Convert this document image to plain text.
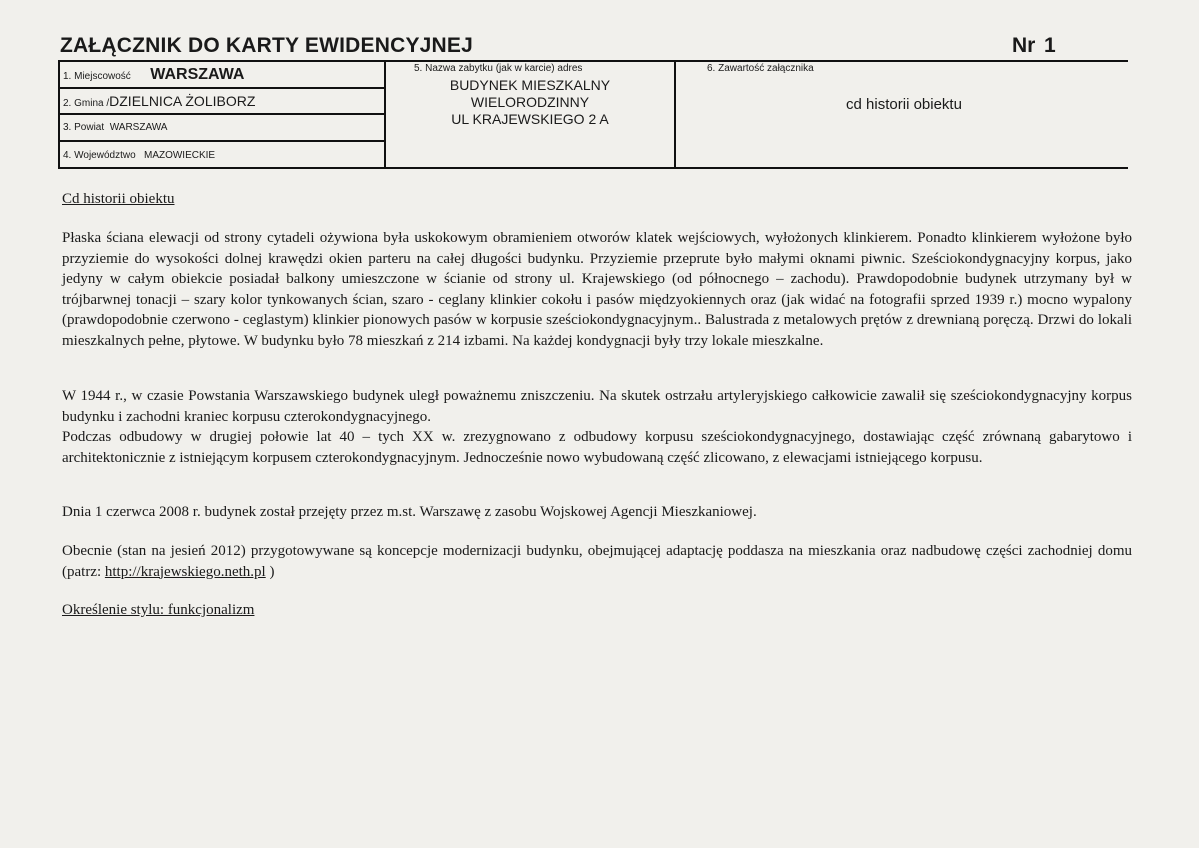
ZAŁĄCZNIK DO KARTY EWIDENCYJNEJ	Nr 1
1. Miejscowość WARSZAWA
2. Gmina /DZIELNICA ŻOLIBORZ
3. Powiat WARSZAWA
4. Województwo MAZOWIECKIE
5. Nazwa zabytku (jak w karcie) adres
BUDYNEK MIESZKALNY
WIELORODZINNY
UL KRAJEWSKIEGO 2 A
6. Zawartość załącznika
cd historii obiektu
Cd historii obiektu

Płaska ściana elewacji od strony cytadeli ożywiona była uskokowym obramieniem otworów klatek wejściowych, wyłożonych klinkierem. Ponadto klinkierem wyłożone było przyziemie do wysokości dolnej krawędzi okien parteru na całej długości budynku. Przyziemie przeprute było małymi oknami piwnic. Sześciokondygnacyjny korpus, jako jedyny w całym obiekcie posiadał balkony umieszczone w ścianie od strony ul. Krajewskiego (od północnego – zachodu). Prawdopodobnie budynek utrzymany był w trójbarwnej tonacji – szary kolor tynkowanych ścian, szaro - ceglany klinkier cokołu i pasów międzyokiennych oraz (jak widać na fotografii sprzed 1939 r.) mocno wypalony (prawdopodobnie czerwono - ceglastym) klinkier pionowych pasów w korpusie sześciokondygnacyjnym.. Balustrada z metalowych prętów z drewnianą poręczą. Drzwi do lokali mieszkalnych pełne, płytowe. W budynku było 78 mieszkań z 214 izbami. Na każdej kondygnacji były trzy lokale mieszkalne.

W 1944 r., w czasie Powstania Warszawskiego budynek uległ poważnemu zniszczeniu. Na skutek ostrzału artyleryjskiego całkowicie zawalił się sześciokondygnacyjny korpus budynku i zachodni kraniec korpusu czterokondygnacyjnego.

Podczas odbudowy w drugiej połowie lat 40 – tych XX w. zrezygnowano z odbudowy korpusu sześciokondygnacyjnego, dostawiając część zrównaną gabarytowo i architektonicznie z istniejącym korpusem czterokondygnacyjnym. Jednocześnie nowo wybudowaną część zlicowano, z elewacjami istniejącego korpusu.

Dnia 1 czerwca 2008 r. budynek został przejęty przez m.st. Warszawę z zasobu Wojskowej Agencji Mieszkaniowej.

Obecnie (stan na jesień 2012) przygotowywane są koncepcje modernizacji budynku, obejmującej adaptację poddasza na mieszkania oraz nadbudowę części zachodniej domu (patrz: http://krajewskiego.neth.pl )

Określenie stylu: funkcjonalizm
